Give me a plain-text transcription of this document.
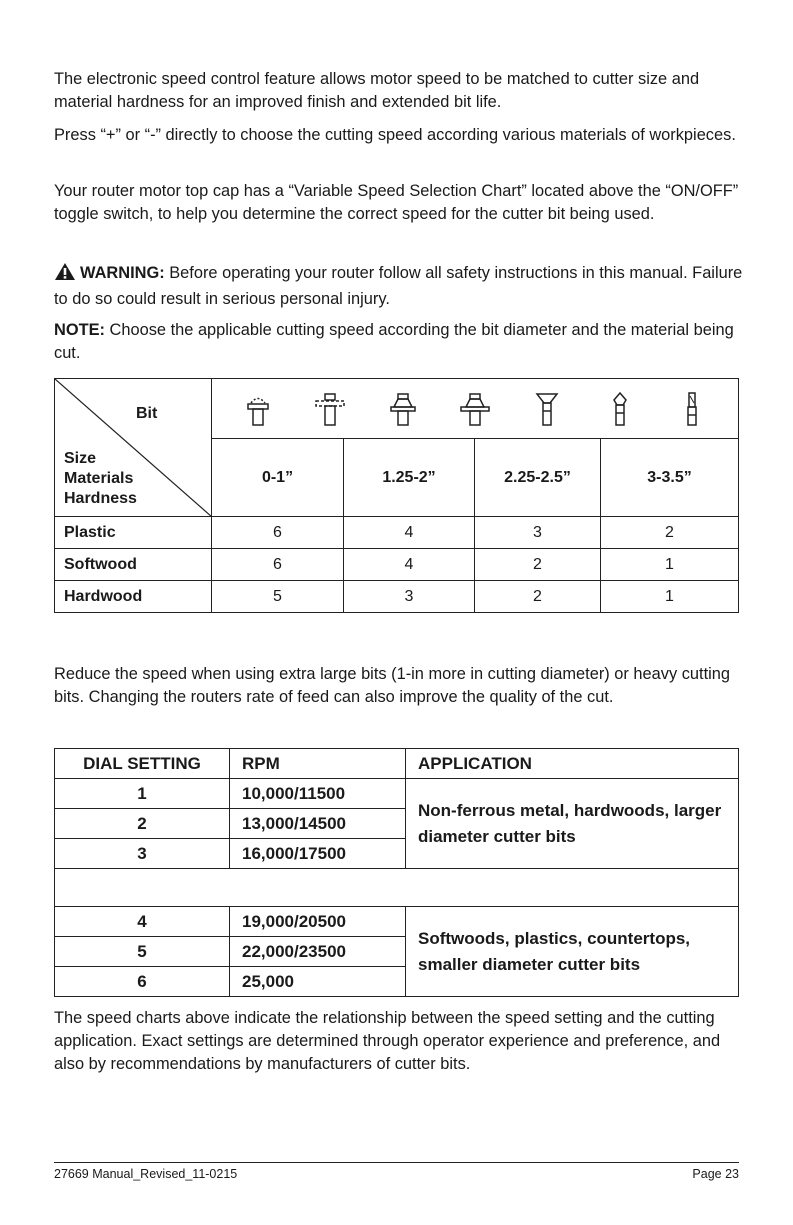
The electronic speed control feature allows motor speed to be matched to cutter size and material hardness for an improved finish and extended bit life.

Press “+” or “-” directly to choose the cutting speed according various materials of workpieces.

Your router motor top cap has a “Variable Speed Selection Chart” located above the “ON/OFF” toggle switch, to help you determine the correct speed for the cutter bit being used.

WARNING: Before operating your router follow all safety instructions in this manual. Failure to do so could result in serious personal injury.

NOTE: Choose the applicable cutting speed according the bit diameter and the material being cut.

Bit
Size
Materials
Hardness

	0-1”	1.25-2”	2.25-2.5”	3-3.5”
Plastic	6	4	3	2
Softwood	6	4	2	1
Hardwood	5	3	2	1

Reduce the speed when using extra large bits (1-in more in cutting diameter) or heavy cutting bits. Changing the routers rate of feed can also improve the quality of the cut.

DIAL SETTING	RPM	APPLICATION
1	10,000/11500	Non-ferrous metal, hardwoods, larger diameter cutter bits
2	13,000/14500	
3	16,000/17500	

4	19,000/20500	Softwoods, plastics, countertops, smaller diameter cutter bits
5	22,000/23500	
6	25,000	

The speed charts above indicate the relationship between the speed setting and the cutting application. Exact settings are determined through operator experience and preference, and also by recommendations by manufacturers of cutter bits.

27669 Manual_Revised_11-0215	Page 23
